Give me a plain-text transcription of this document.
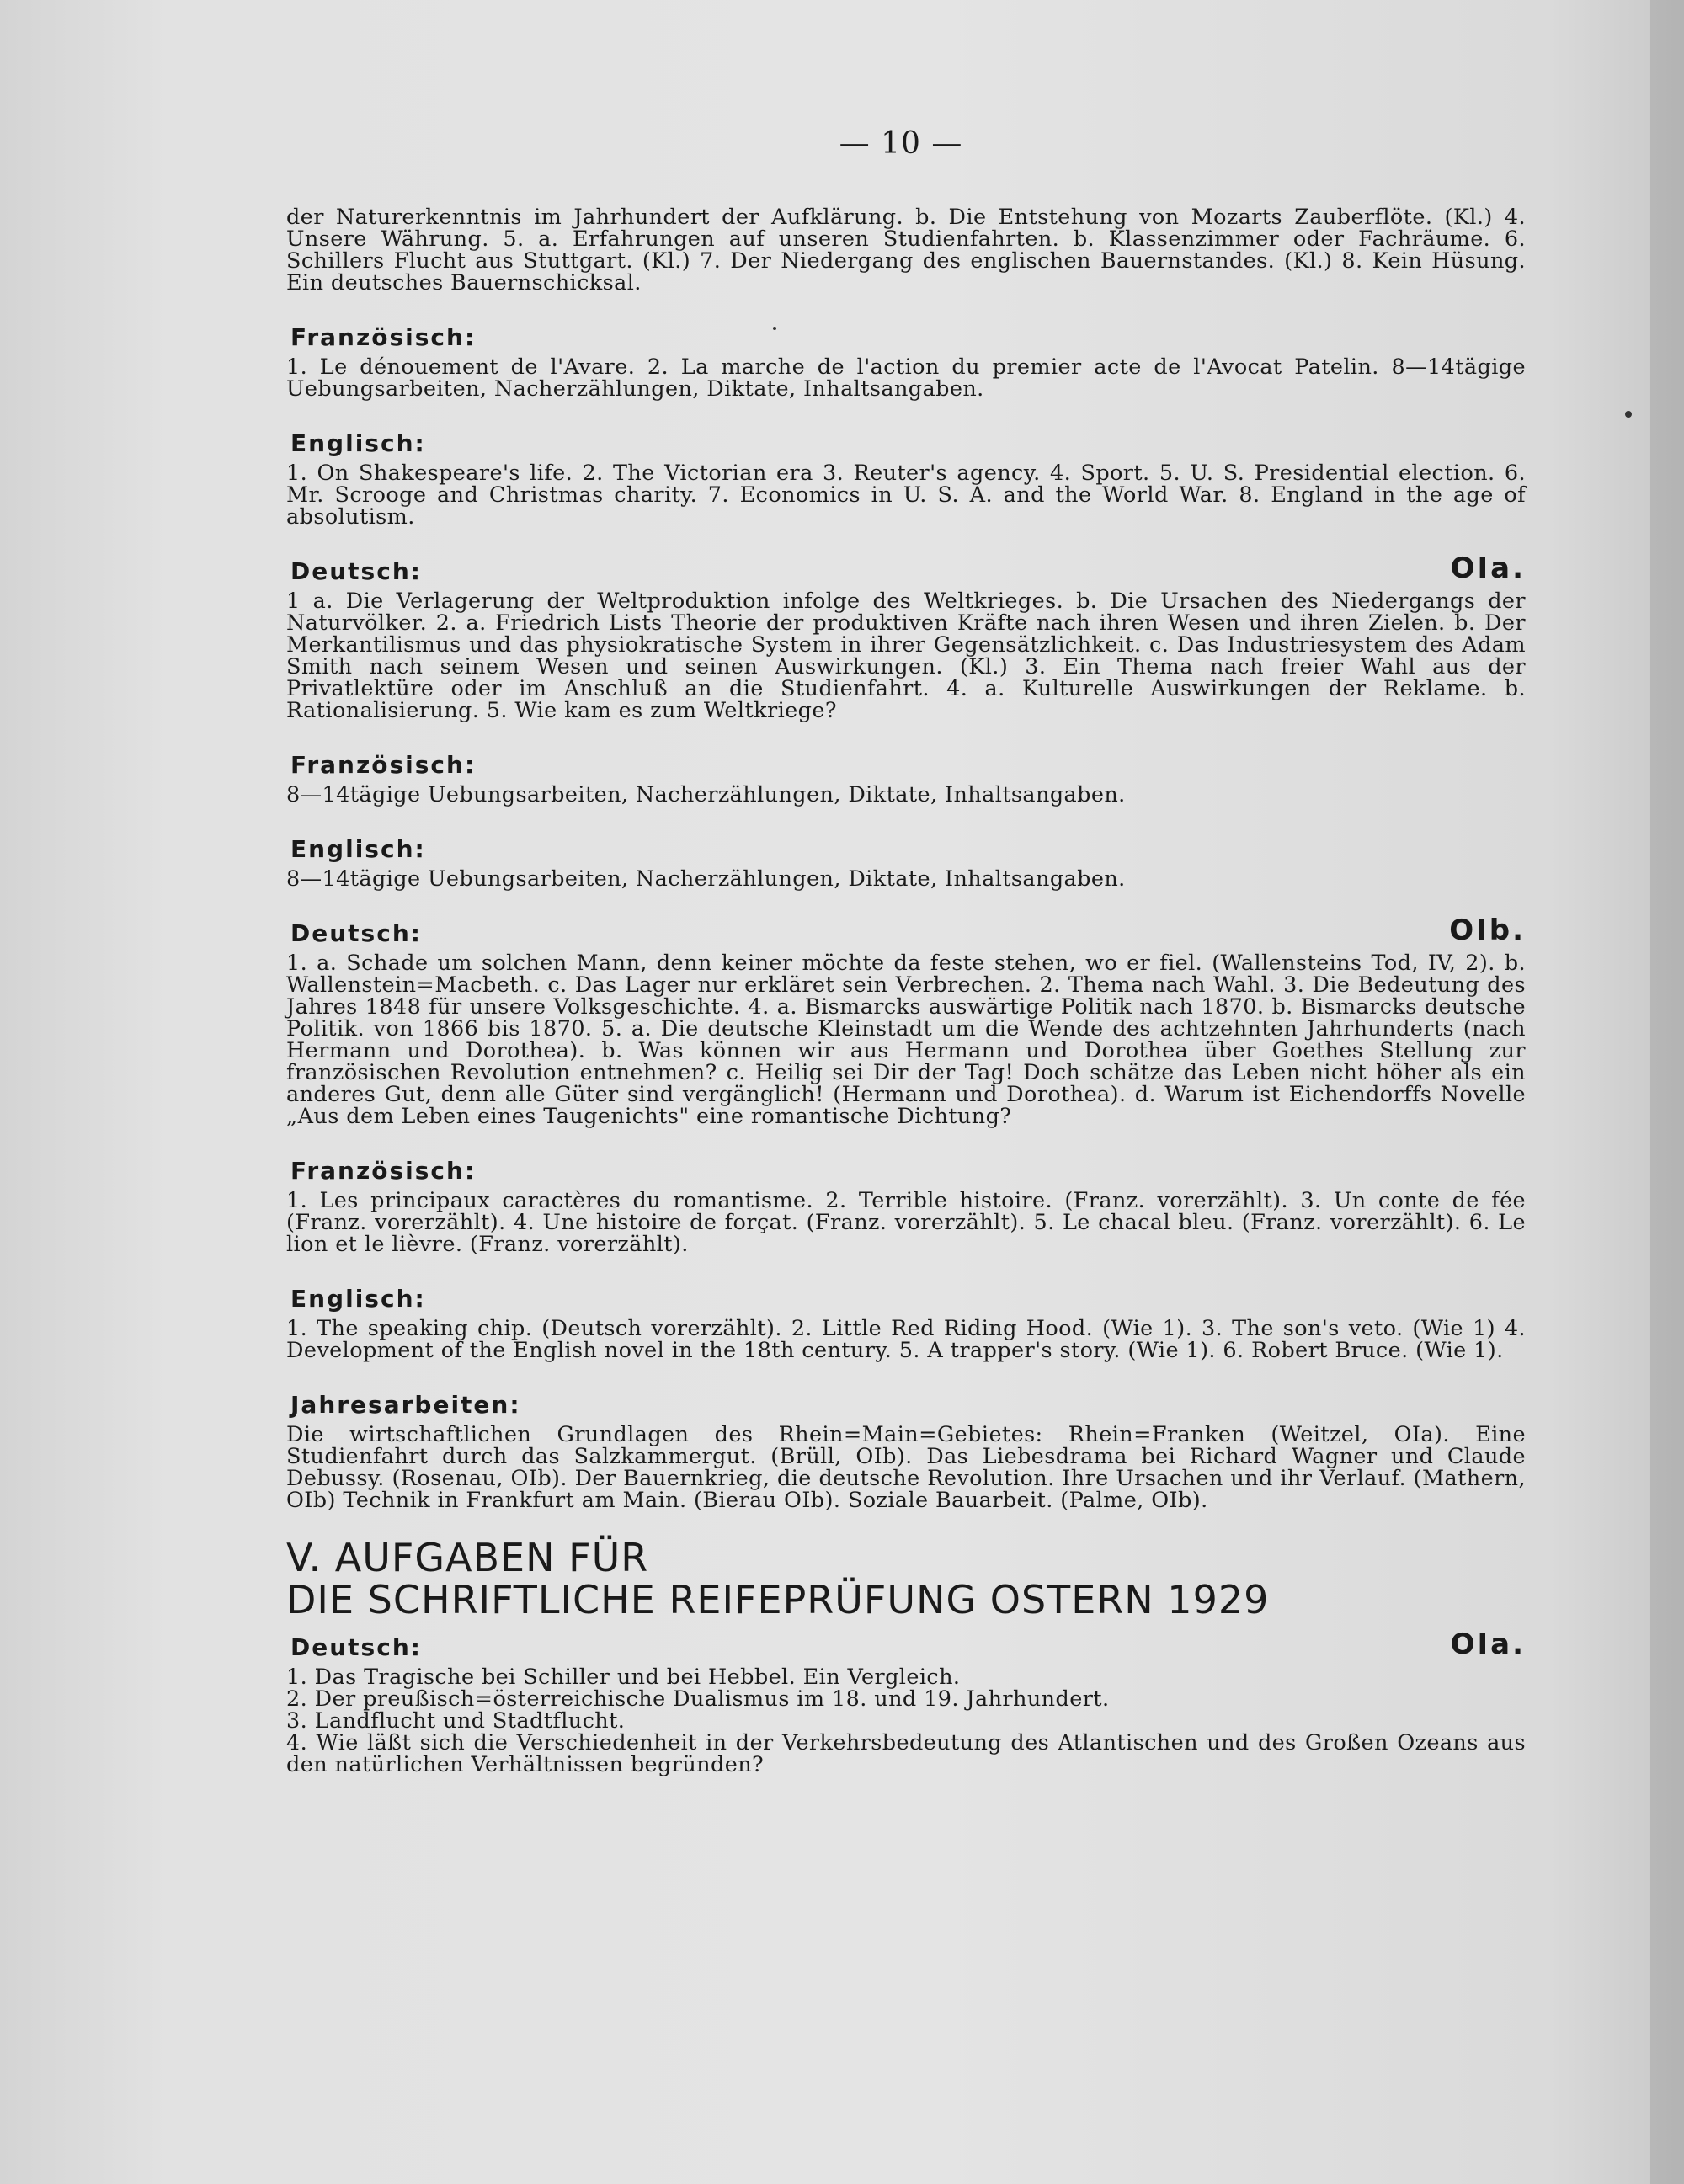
— 10 —

der Naturerkenntnis im Jahrhundert der Aufklärung. b. Die Entstehung von Mozarts Zauberflöte. (Kl.) 4. Unsere Währung. 5. a. Erfahrungen auf unseren Studienfahrten. b. Klassenzimmer oder Fachräume. 6. Schillers Flucht aus Stuttgart. (Kl.) 7. Der Niedergang des englischen Bauernstandes. (Kl.) 8. Kein Hüsung. Ein deutsches Bauernschicksal.

Französisch:

1. Le dénouement de l'Avare. 2. La marche de l'action du premier acte de l'Avocat Patelin. 8—14tägige Uebungsarbeiten, Nacherzählungen, Diktate, Inhaltsangaben.

Englisch:

1. On Shakespeare's life. 2. The Victorian era 3. Reuter's agency. 4. Sport. 5. U. S. Presidential election. 6. Mr. Scrooge and Christmas charity. 7. Economics in U. S. A. and the World War. 8. England in the age of absolutism.

Deutsch:	OIa.

1 a. Die Verlagerung der Weltproduktion infolge des Weltkrieges. b. Die Ursachen des Niedergangs der Naturvölker. 2. a. Friedrich Lists Theorie der produktiven Kräfte nach ihren Wesen und ihren Zielen. b. Der Merkantilismus und das physiokratische System in ihrer Gegensätzlichkeit. c. Das Industriesystem des Adam Smith nach seinem Wesen und seinen Auswirkungen. (Kl.) 3. Ein Thema nach freier Wahl aus der Privatlektüre oder im Anschluß an die Studienfahrt. 4. a. Kulturelle Auswirkungen der Reklame. b. Rationalisierung. 5. Wie kam es zum Weltkriege?

Französisch:

8—14tägige Uebungsarbeiten, Nacherzählungen, Diktate, Inhaltsangaben.

Englisch:

8—14tägige Uebungsarbeiten, Nacherzählungen, Diktate, Inhaltsangaben.

Deutsch:	OIb.

1. a. Schade um solchen Mann, denn keiner möchte da feste stehen, wo er fiel. (Wallensteins Tod, IV, 2). b. Wallenstein=Macbeth. c. Das Lager nur erkläret sein Verbrechen. 2. Thema nach Wahl. 3. Die Bedeutung des Jahres 1848 für unsere Volksgeschichte. 4. a. Bismarcks auswärtige Politik nach 1870. b. Bismarcks deutsche Politik. von 1866 bis 1870. 5. a. Die deutsche Kleinstadt um die Wende des achtzehnten Jahrhunderts (nach Hermann und Dorothea). b. Was können wir aus Hermann und Dorothea über Goethes Stellung zur französischen Revolution entnehmen? c. Heilig sei Dir der Tag! Doch schätze das Leben nicht höher als ein anderes Gut, denn alle Güter sind vergänglich! (Hermann und Dorothea). d. Warum ist Eichendorffs Novelle „Aus dem Leben eines Taugenichts" eine romantische Dichtung?

Französisch:

1. Les principaux caractères du romantisme. 2. Terrible histoire. (Franz. vorerzählt). 3. Un conte de fée (Franz. vorerzählt). 4. Une histoire de forçat. (Franz. vorerzählt). 5. Le chacal bleu. (Franz. vorerzählt). 6. Le lion et le lièvre. (Franz. vorerzählt).

Englisch:

1. The speaking chip. (Deutsch vorerzählt). 2. Little Red Riding Hood. (Wie 1). 3. The son's veto. (Wie 1) 4. Development of the English novel in the 18th century. 5. A trapper's story. (Wie 1). 6. Robert Bruce. (Wie 1).

Jahresarbeiten:

Die wirtschaftlichen Grundlagen des Rhein=Main=Gebietes: Rhein=Franken (Weitzel, OIa). Eine Studienfahrt durch das Salzkammergut. (Brüll, OIb). Das Liebesdrama bei Richard Wagner und Claude Debussy. (Rosenau, OIb). Der Bauernkrieg, die deutsche Revolution. Ihre Ursachen und ihr Verlauf. (Mathern, OIb) Technik in Frankfurt am Main. (Bierau OIb). Soziale Bauarbeit. (Palme, OIb).

V. AUFGABEN FÜR
DIE SCHRIFTLICHE REIFEPRÜFUNG OSTERN 1929
Deutsch:	OIa.
1. Das Tragische bei Schiller und bei Hebbel. Ein Vergleich.
2. Der preußisch=österreichische Dualismus im 18. und 19. Jahrhundert.
3. Landflucht und Stadtflucht.
4. Wie läßt sich die Verschiedenheit in der Verkehrsbedeutung des Atlantischen und des Großen Ozeans aus den natürlichen Verhältnissen begründen?
